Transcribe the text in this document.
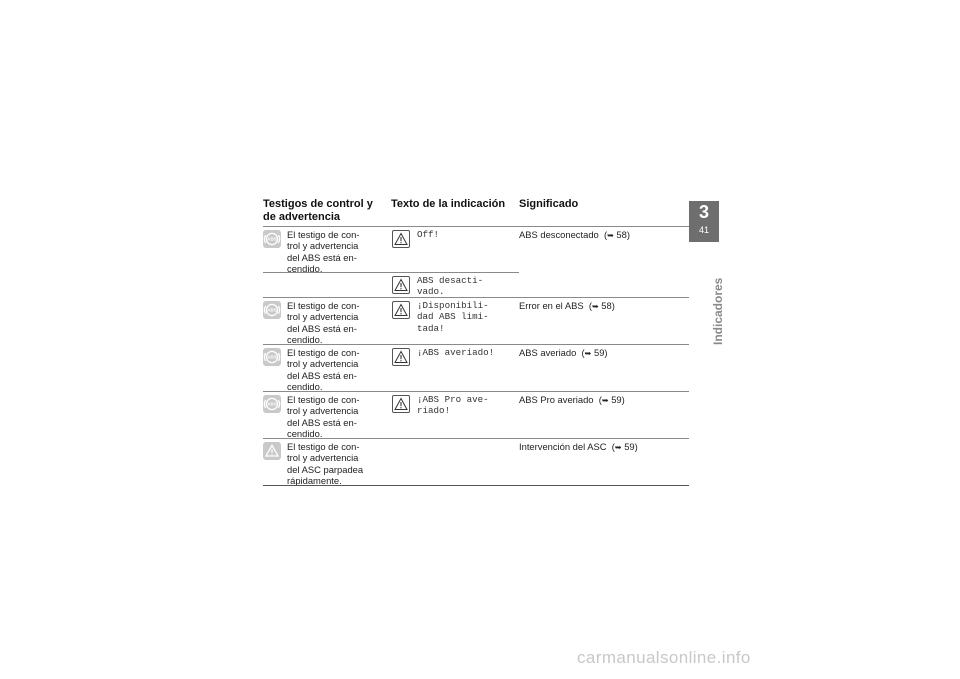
Testigos de control y
de advertencia
Texto de la indicación Significado
ABS El testigo de con-
trol y advertencia
del ABS está en-
cendido.
Off!	ABS desconectado  (➥ 58)
ABS desacti-
vado.
ABS El testigo de con-
trol y advertencia
del ABS está en-
cendido.
¡Disponibili-
dad ABS limi-
tada!
Error en el ABS  (➥ 58)
ABS El testigo de con-
trol y advertencia
del ABS está en-
cendido.
¡ABS averiado!	ABS averiado  (➥ 59)
ABS El testigo de con-
trol y advertencia
del ABS está en-
cendido.
¡ABS Pro ave-
riado!
ABS Pro averiado  (➥ 59)
El testigo de con-
trol y advertencia
del ASC parpadea
rápidamente.
Intervención del ASC  (➥ 59)
3
41
Indicadores
carmanualsonline.info
